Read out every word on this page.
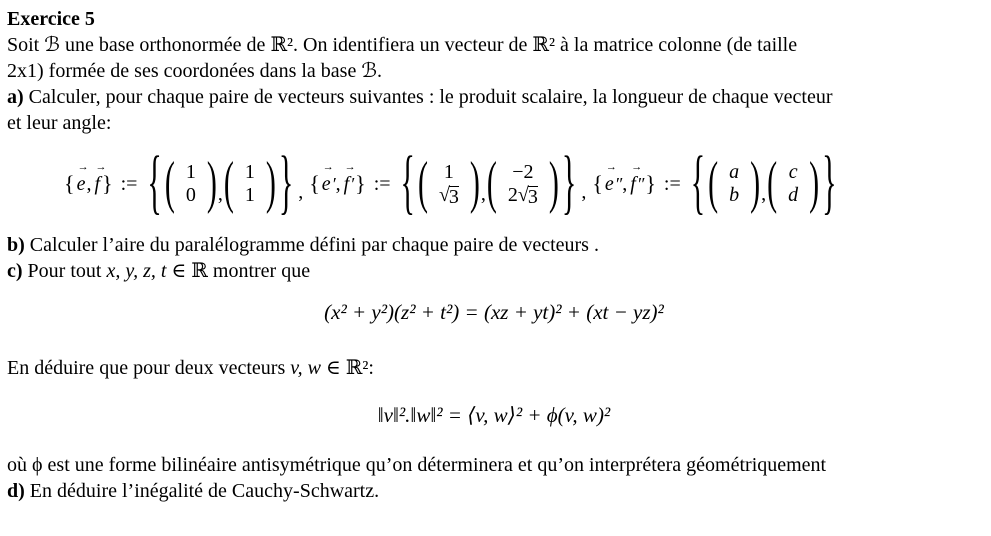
Exercice 5
Soit ℬ une base orthonormée de ℝ². On identifiera un vecteur de ℝ² à la matrice colonne (de taille
2x1) formée de ses coordonées dans la base ℬ.
a) Calculer, pour chaque paire de vecteurs suivantes : le produit scalaire, la longueur de chaque vecteur
et leur angle:
{
→
e ,
→
f } := { ( 1
0 ) , ( 1
1 ) } , {
→
e ′ ,
→
f ′ } := { ( 1
√ 3 ) , ( −2
2 √ 3 ) } , {
→
e ″ ,
→
f ″ } := { ( a
b ) , ( c
d ) }
b) Calculer l’aire du paralélogramme défini par chaque paire de vecteurs .
c) Pour tout x, y, z, t ∈ ℝ montrer que
(x² + y²)(z² + t²) = (xz + yt)² + (xt − yz)²
En déduire que pour deux vecteurs v, w ∈ ℝ²:
‖v‖².‖w‖² = ⟨v, w⟩² + ϕ(v, w)²
où ϕ est une forme bilinéaire antisymétrique qu’on déterminera et qu’on interprétera géométriquement
d) En déduire l’inégalité de Cauchy-Schwartz.
